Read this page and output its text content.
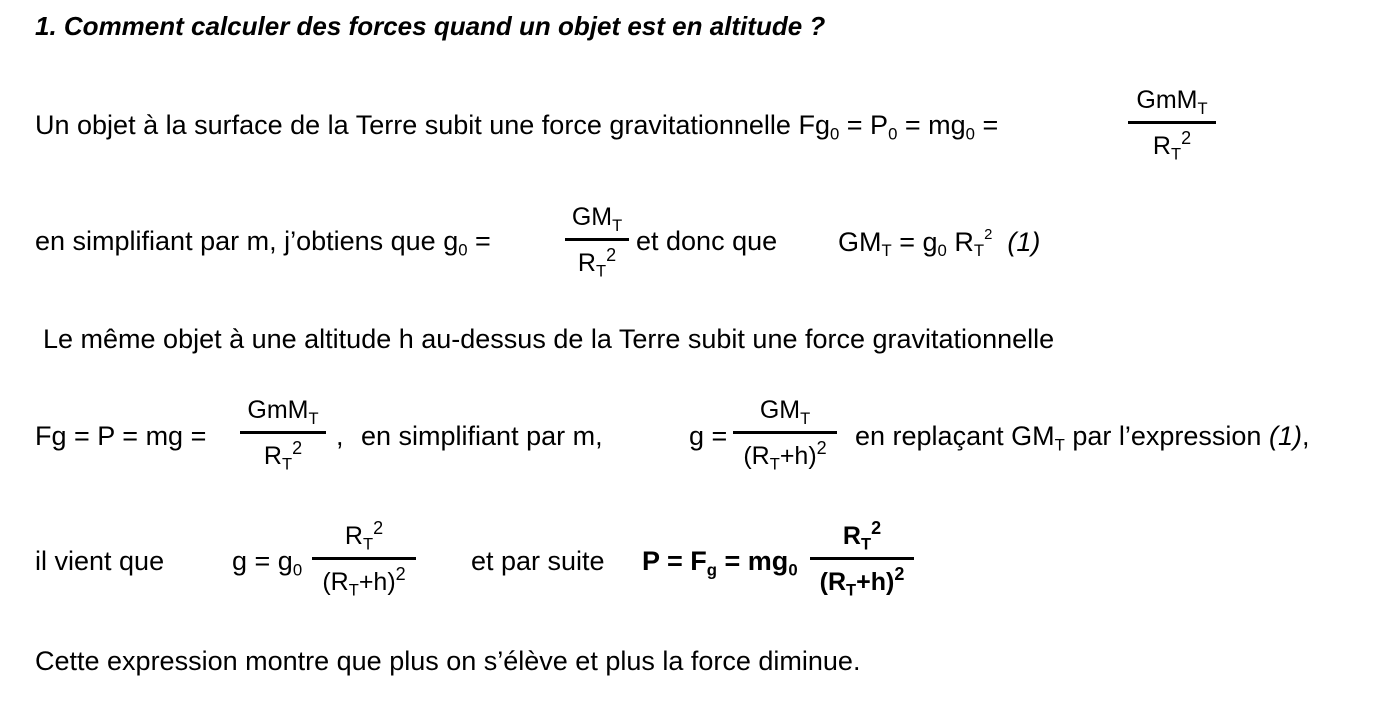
1. Comment calculer des forces quand un objet est en altitude ?
Un objet à la surface de la Terre subit une force gravitationnelle $Fg_0 = P_0 = mg_0$ =
GmM$_T$
$R_T^2$
en simplifiant par m, j’obtiens que $g_0$ =
$GM_T$
$R_T^2$ et donc que $GM_T = g_0$ $R_T^2$ (1)
Le même objet à une altitude h au-dessus de la Terre subit une force gravitationnelle
Fg = P = mg =
GmM$_T$
$R_T^2$	, en simplifiant par m,	g =
$GM_T$
$(R_T+h)^2$	en replaçant $GM_T$ par l’expression (1),
il vient que	$g = g_0$
$R_T^2$
$(R_T+h)^2$	et par suite $P = F_g = mg_0$
$R_T^2$
$(R_T+h)^2$
Cette expression montre que plus on s’élève et plus la force diminue.
